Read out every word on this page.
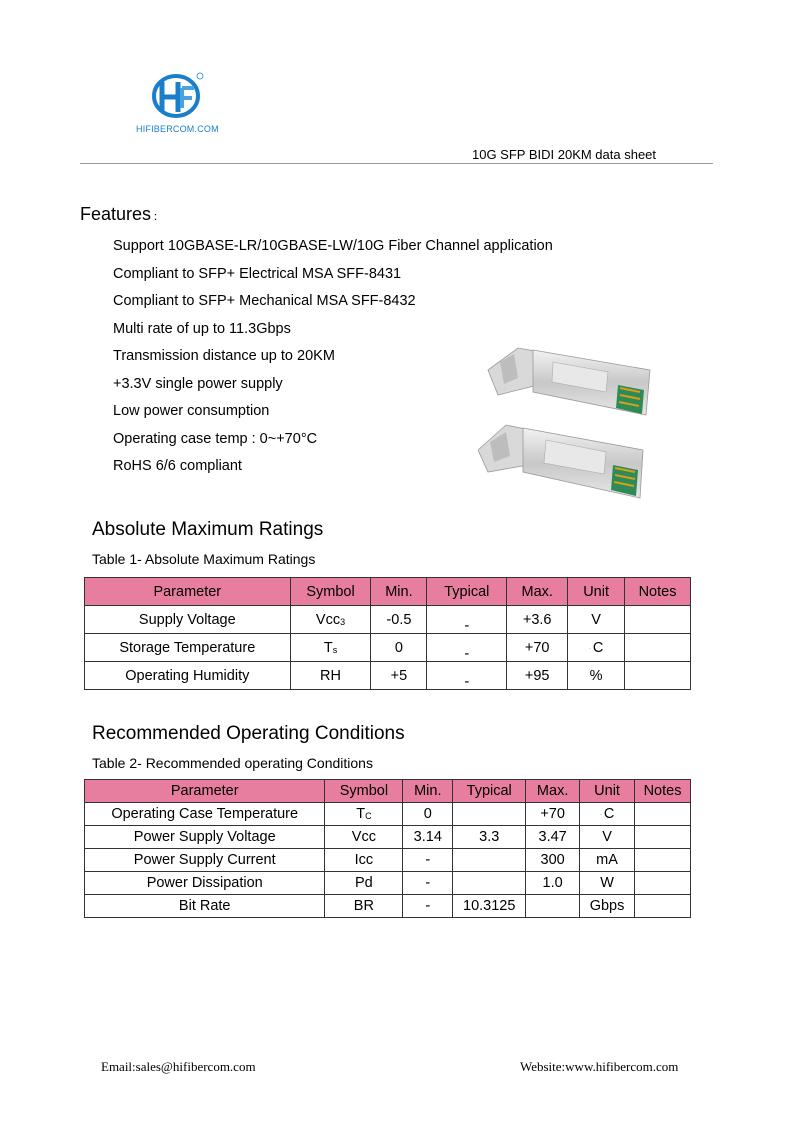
HIFIBERCOM.COM
10G SFP BIDI 20KM data sheet
Features ：
Support 10GBASE-LR/10GBASE-LW/10G Fiber Channel application
Compliant to SFP+ Electrical MSA SFF-8431
Compliant to SFP+ Mechanical MSA SFF-8432
Multi rate of up to 11.3Gbps
Transmission distance up to 20KM
+3.3V single power supply
Low power consumption
Operating case temp : 0~+70°C
RoHS 6/6 compliant
Absolute Maximum Ratings
Table 1- Absolute Maximum Ratings
Parameter	Symbol	Min.	Typical	Max.	Unit	Notes
Supply Voltage	Vcc$_3$	-0.5	-	+3.6	V	
Storage Temperature	$T_s$	0	-	+70	· C	
Operating Humidity	RH	+5	-	+95	%	
Recommended Operating Conditions
Table 2- Recommended operating Conditions
Parameter	Symbol	Min.	Typical	Max.	Unit	Notes
Operating Case Temperature	$T_C$	0		+70	· C	
Power Supply Voltage	Vcc	3.14	3.3	3.47	V	
Power Supply Current	Icc	-		300	mA	
Power Dissipation	Pd	-		1.0	W	
Bit Rate	BR	-	10.3125		Gbps	
Email:sales@hifibercom.com	Website:www.hifibercom.com
